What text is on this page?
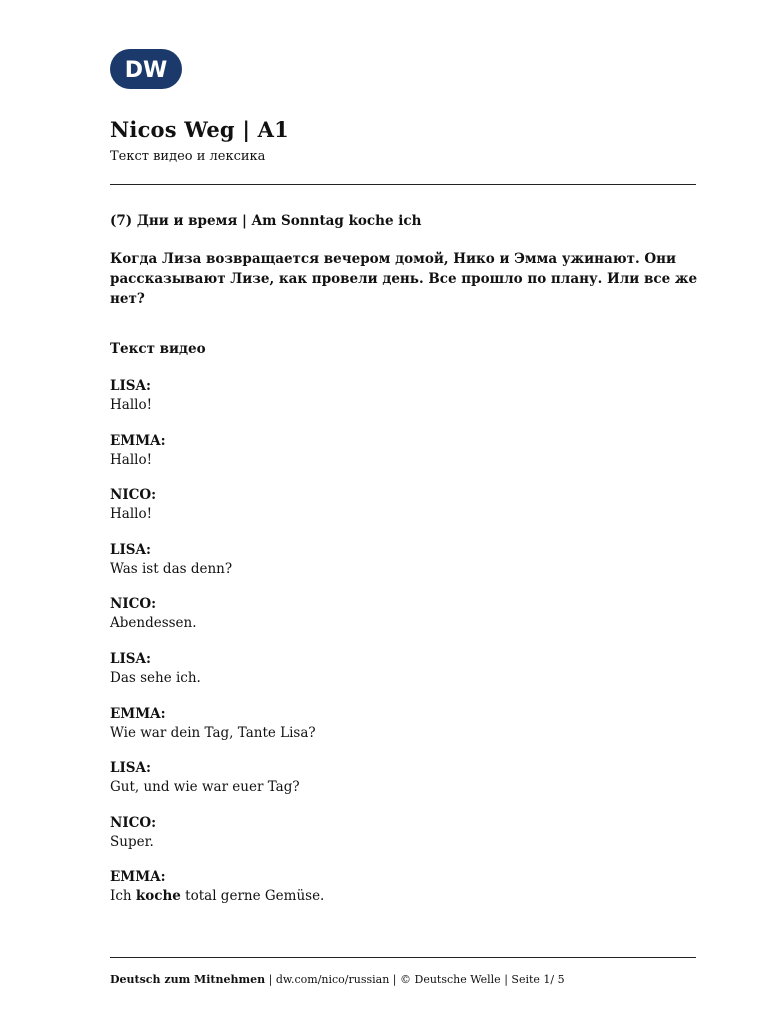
DW
Nicos Weg | A1
Текст видео и лексика
(7) Дни и время | Am Sonntag koche ich
Когда Лиза возвращается вечером домой, Нико и Эмма ужинают. Они рассказывают Лизе, как провели день. Все прошло по плану. Или все же нет?
Текст видео
LISA:
Hallo!
EMMA:
Hallo!
NICO:
Hallo!
LISA:
Was ist das denn?
NICO:
Abendessen.
LISA:
Das sehe ich.
EMMA:
Wie war dein Tag, Tante Lisa?
LISA:
Gut, und wie war euer Tag?
NICO:
Super.
EMMA:
Ich koche total gerne Gemüse.
Deutsch zum Mitnehmen | dw.com/nico/russian | © Deutsche Welle | Seite 1/ 5
